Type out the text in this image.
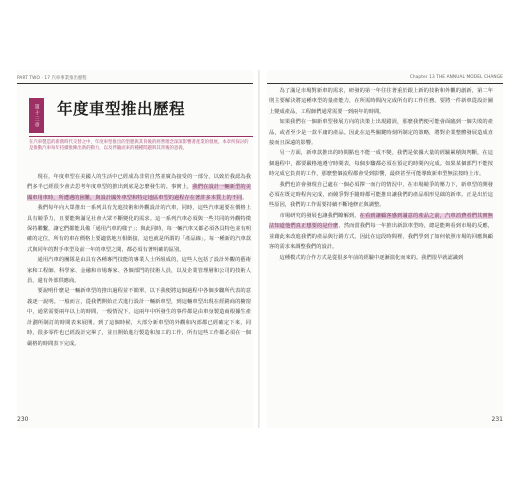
PART TWO · 17 汽車事業推出歷程
第十三章 年度車型推出歷程
在汽車製造的新舊時代交替之中，年度車型推出的型態與其背後的經營理念深深影響著產業的發展。本章所探討的是推動汽車每年持續推陳出新的動力，以及伴隨而來的種種問題與其背後的意義。

現在，年度車型在美國人的生活中已經成為非常自然並廣為接受的一部分，以致於我認為我們多半已經很少會去思考年度車型的推出到底是怎麼發生的。事實上，我們在設計一輛新型的美國車用車時，所遭遇的困難，與設計國外車型和特定地區車型的過程存在著許多本質上的不同。

我們每年向大眾推出一系列具有先進技術和外觀設計的汽車，同時，這些汽車還要在價格上具有競爭力，且要能夠滿足社會大眾不斷變化的需求。這一系列汽車必須與一些共同的外觀特徵保持聯繫，讓它們都能具備「通用汽車的樣子」；與此同時，每一輛汽車又都必須各具特色並有明確的定位，所有的車在價格上要適當地互相銜接，這也就是所謂的「產品線」。每一種新的汽車款式與同年的對手車型及前一年的車型之間，都必須有著明確的區別。

通用汽車的團隊是由具有各種專門技能的專業人士所組成的，這些人包括了設計外觀的藝術家和工程師、科學家、金融和市場專家、各個部門的技術人員，以及企業管理層和公司的技術人員，還有外部供應商。

要說明什麼是一輛新車型的推出過程並不簡單，以下我便將這個過程中各個步驟所代表的意義逐一說明。一般而言，從我們開始正式進行設計一輛新車型，到這輛車型出現在經銷商的櫥窗中，通常需要兩年以上的時間，一般情況下，這兩年中所發生的事件都是由車身製造商根據生產計劃所制訂的時間表來展開。到了這個時候，大部分新車型的外觀和內部都已經確定下來，同時，很多零件也已經設計完畢了，並且開始進行製造和加工的工作，所有這些工作都必須在一個嚴格的時間表下完成。

230
Chapter 13 THE ANNUAL MODEL CHANGE

為了滿足市場對新車的需求，研發的第一年往往著重於跟上新的技術和外觀的創新，第二年則主要解決將這種車型的量產能力，在所需時間內完成所有的工作任務。要將一件新車從設計圖上變成產品，工程師們通常需要一到兩年的時間。

如果我們在一個新車型發展方向的決策上出現錯誤，那麼我們便可能會面臨到一個失敗的產品，或者至少是一款平庸的產品。因此在這些關鍵時刻所制定的策略，將對企業整體發展造成直接而且深遠的影響。

另一方面，新車款推出的時間點也不能一成不變。我們是依據大量的經驗累積與判斷，在這個過程中，都要嚴格地遵守時間表，每個步驟都必須在預定的時間內完成。如果某個部門不能按時完成它負責的工作，那麼整個流程都會受到影響，最終甚至可能導致新車型無法按時上市。

我們也許會發現自己處在一個必須擇一而行的情況中，在市場競爭的壓力下，新車型的開發必須在既定時程內完成，而競爭對手隨時都可能推出讓我們的產品相形見絀的新車。正是出於這些原因，我們的工作需要持續不斷地修正與調整。

市場研究的發展也讓我們瞭解到，在看到讓顧客感到滿意的產品之前，汽車消費者們其實無法知道他們真正想要的是什麼，然而當我們每一年推出新款車型時，總是能夠看到市場的反應，並藉此來改進我們的產品與行銷方式。因此在這段時間裡，我們學到了如何依照市場的回應與顧客的需求來調整我們的設計。

這種模式的合作方式是從很多年前的經驗中逐漸演化而來的。我們很早就認識到

231
